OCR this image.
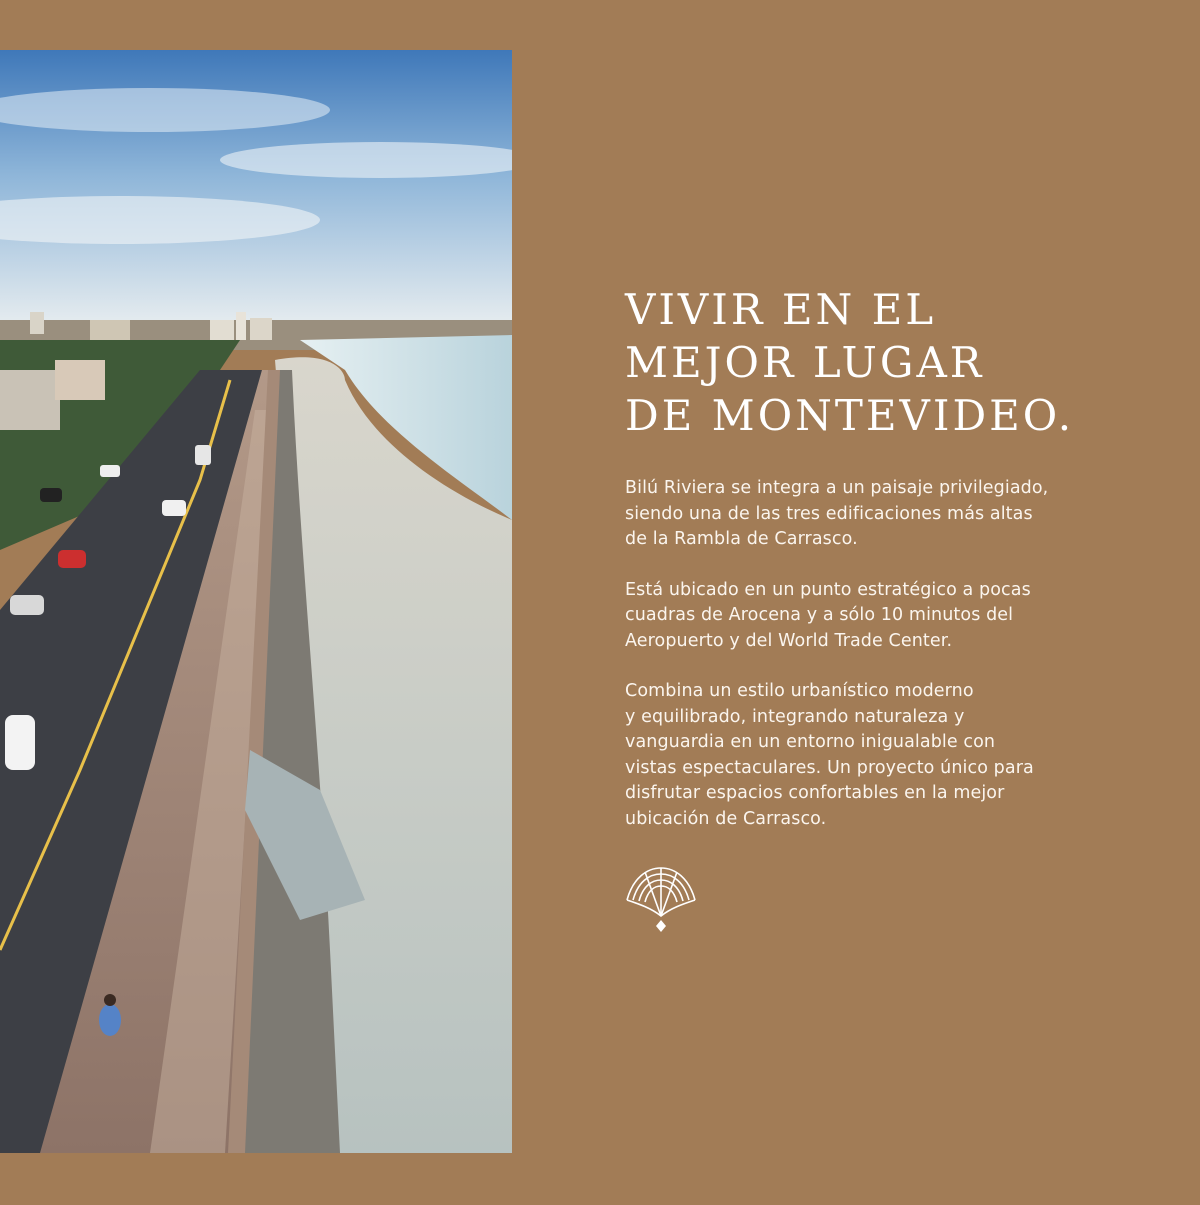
VIVIR EN EL
MEJOR LUGAR
DE MONTEVIDEO.

Bilú Riviera se integra a un paisaje privilegiado,
siendo una de las tres edificaciones más altas
de la Rambla de Carrasco.

Está ubicado en un punto estratégico a pocas
cuadras de Arocena y a sólo 10 minutos del
Aeropuerto y del World Trade Center.

Combina un estilo urbanístico moderno
y equilibrado, integrando naturaleza y
vanguardia en un entorno inigualable con
vistas espectaculares. Un proyecto único para
disfrutar espacios confortables en la mejor
ubicación de Carrasco.
